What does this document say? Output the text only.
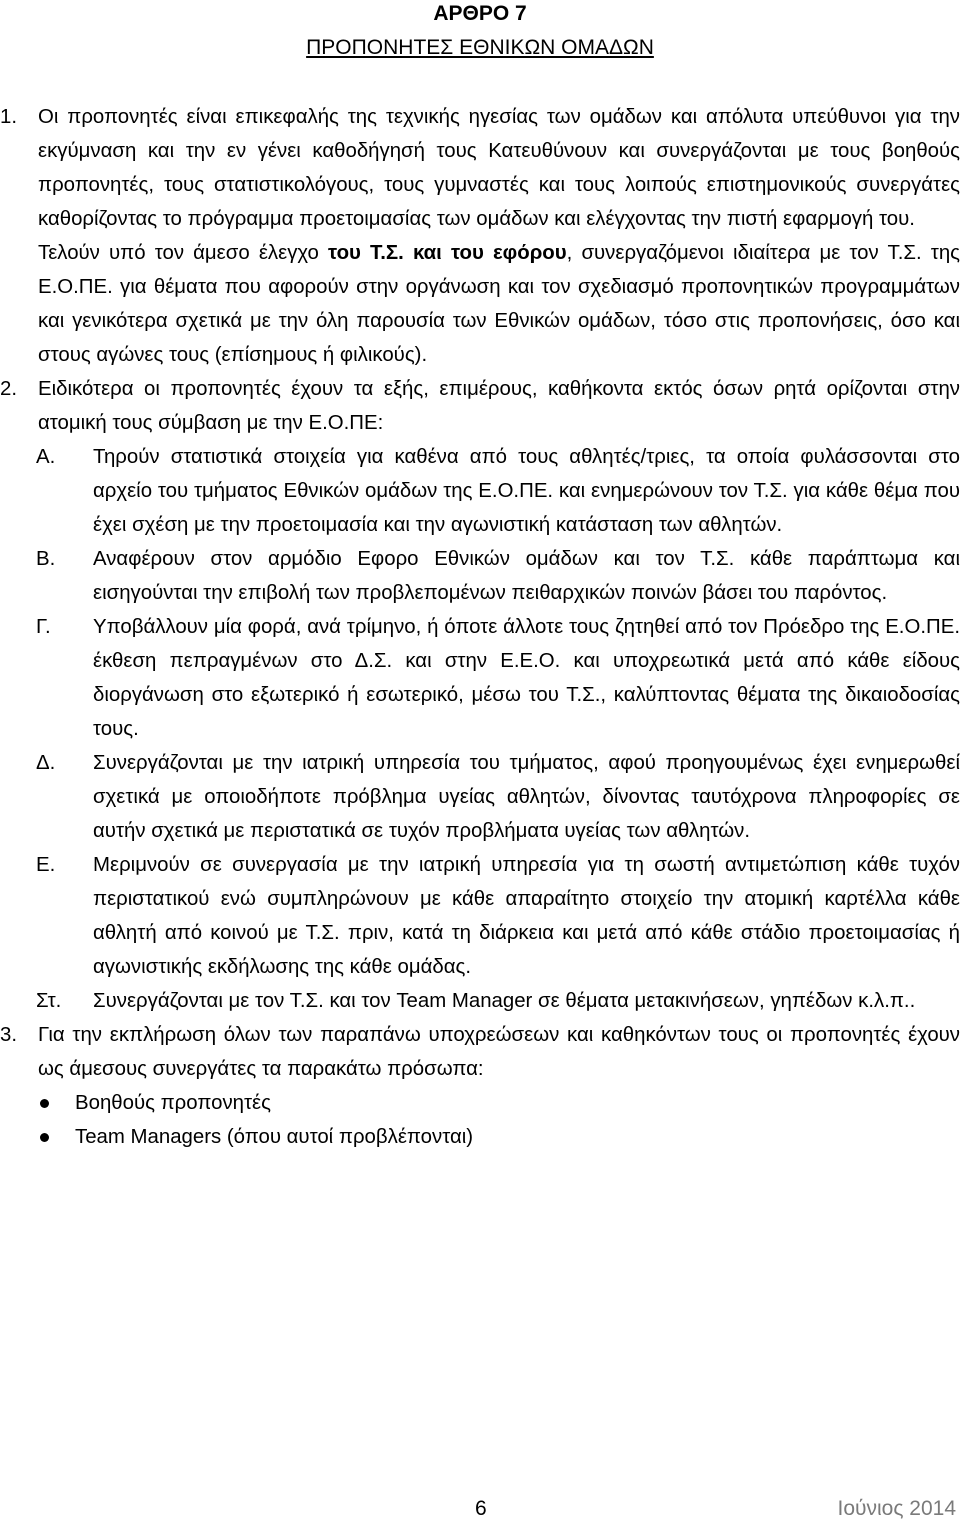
ΑΡΘΡΟ 7
ΠΡΟΠΟΝΗΤΕΣ ΕΘΝΙΚΩΝ ΟΜΑΔΩΝ
1. Οι προπονητές είναι επικεφαλής της τεχνικής ηγεσίας των ομάδων και απόλυτα υπεύθυνοι για την εκγύμναση και την εν γένει καθοδήγησή τους Κατευθύνουν και συνεργάζονται με τους βοηθούς προπονητές, τους στατιστικολόγους, τους γυμναστές και τους λοιπούς επιστημονικούς συνεργάτες καθορίζοντας το πρόγραμμα προετοιμασίας των ομάδων και ελέγχοντας την πιστή εφαρμογή του.
Τελούν υπό τον άμεσο έλεγχο του Τ.Σ. και του εφόρου, συνεργαζόμενοι ιδιαίτερα με τον Τ.Σ. της Ε.Ο.ΠΕ. για θέματα που αφορούν στην οργάνωση και τον σχεδιασμό προπονητικών προγραμμάτων και γενικότερα σχετικά με την όλη παρουσία των Εθνικών ομάδων, τόσο στις προπονήσεις, όσο και στους αγώνες τους (επίσημους ή φιλικούς).
2. Ειδικότερα οι προπονητές έχουν τα εξής, επιμέρους, καθήκοντα εκτός όσων ρητά ορίζονται στην ατομική τους σύμβαση με την Ε.Ο.ΠΕ:
Α. Τηρούν στατιστικά στοιχεία για καθένα από τους αθλητές/τριες, τα οποία φυλάσσονται στο αρχείο του τμήματος Εθνικών ομάδων της Ε.Ο.ΠΕ. και ενημερώνουν τον Τ.Σ. για κάθε θέμα που έχει σχέση με την προετοιμασία και την αγωνιστική κατάσταση των αθλητών.
Β. Αναφέρουν στον αρμόδιο Εφορο Εθνικών ομάδων και τον Τ.Σ. κάθε παράπτωμα και εισηγούνται την επιβολή των προβλεπομένων πειθαρχικών ποινών βάσει του παρόντος.
Γ. Υποβάλλουν μία φορά, ανά τρίμηνο, ή όποτε άλλοτε τους ζητηθεί από τον Πρόεδρο της Ε.Ο.ΠΕ. έκθεση πεπραγμένων στο Δ.Σ. και στην Ε.Ε.Ο. και υποχρεωτικά μετά από κάθε είδους διοργάνωση στο εξωτερικό ή εσωτερικό, μέσω του Τ.Σ., καλύπτοντας θέματα της δικαιοδοσίας τους.
Δ. Συνεργάζονται με την ιατρική υπηρεσία του τμήματος, αφού προηγουμένως έχει ενημερωθεί σχετικά με οποιοδήποτε πρόβλημα υγείας αθλητών, δίνοντας ταυτόχρονα πληροφορίες σε αυτήν σχετικά με περιστατικά σε τυχόν προβλήματα υγείας των αθλητών.
Ε. Μεριμνούν σε συνεργασία με την ιατρική υπηρεσία για τη σωστή αντιμετώπιση κάθε τυχόν περιστατικού ενώ συμπληρώνουν με κάθε απαραίτητο στοιχείο την ατομική καρτέλλα κάθε αθλητή από κοινού με Τ.Σ. πριν, κατά τη διάρκεια και μετά από κάθε στάδιο προετοιμασίας ή αγωνιστικής εκδήλωσης της κάθε ομάδας.
Στ. Συνεργάζονται με τον Τ.Σ. και τον Team Manager σε θέματα μετακινήσεων, γηπέδων κ.λ.π..
3. Για την εκπλήρωση όλων των παραπάνω υποχρεώσεων και καθηκόντων τους οι προπονητές έχουν ως άμεσους συνεργάτες τα παρακάτω πρόσωπα:
Βοηθούς προπονητές
Team Managers (όπου αυτοί προβλέπονται)
6	Ιούνιος 2014
